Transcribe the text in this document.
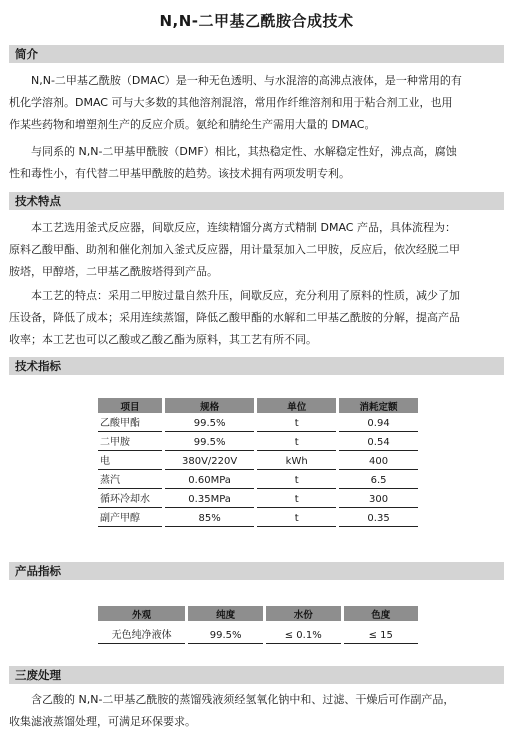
N,N-二甲基乙酰胺合成技术
简介
N,N-二甲基乙酰胺（DMAC）是一种无色透明、与水混溶的高沸点液体，是一种常用的有
机化学溶剂。DMAC 可与大多数的其他溶剂混溶，常用作纤维溶剂和用于粘合剂工业，也用
作某些药物和增塑剂生产的反应介质。氨纶和腈纶生产需用大量的 DMAC。
与同系的 N,N-二甲基甲酰胺（DMF）相比，其热稳定性、水解稳定性好，沸点高，腐蚀
性和毒性小，有代替二甲基甲酰胺的趋势。该技术拥有两项发明专利。
技术特点
本工艺选用釜式反应器，间歇反应，连续精馏分离方式精制 DMAC 产品，具体流程为：
原料乙酸甲酯、助剂和催化剂加入釜式反应器，用计量泵加入二甲胺，反应后，依次经脱二甲
胺塔，甲醇塔，二甲基乙酰胺塔得到产品。
本工艺的特点：采用二甲胺过量自然升压，间歇反应，充分利用了原料的性质，减少了加
压设备，降低了成本；采用连续蒸馏，降低乙酸甲酯的水解和二甲基乙酰胺的分解，提高产品
收率；本工艺也可以乙酸或乙酸乙酯为原料，其工艺有所不同。
技术指标
项目	规格	单位	消耗定额
乙酸甲酯	99.5%	t	0.94
二甲胺	99.5%	t	0.54
电	380V/220V	kWh	400
蒸汽	0.60MPa	t	6.5
循环冷却水	0.35MPa	t	300
副产甲醇	85%	t	0.35
产品指标
外观	纯度	水份	色度
无色纯净液体	99.5%	≤ 0.1%	≤ 15
三废处理
含乙酸的 N,N-二甲基乙酰胺的蒸馏残液须经氢氧化钠中和、过滤、干燥后可作副产品，
收集滤液蒸馏处理，可满足环保要求。
